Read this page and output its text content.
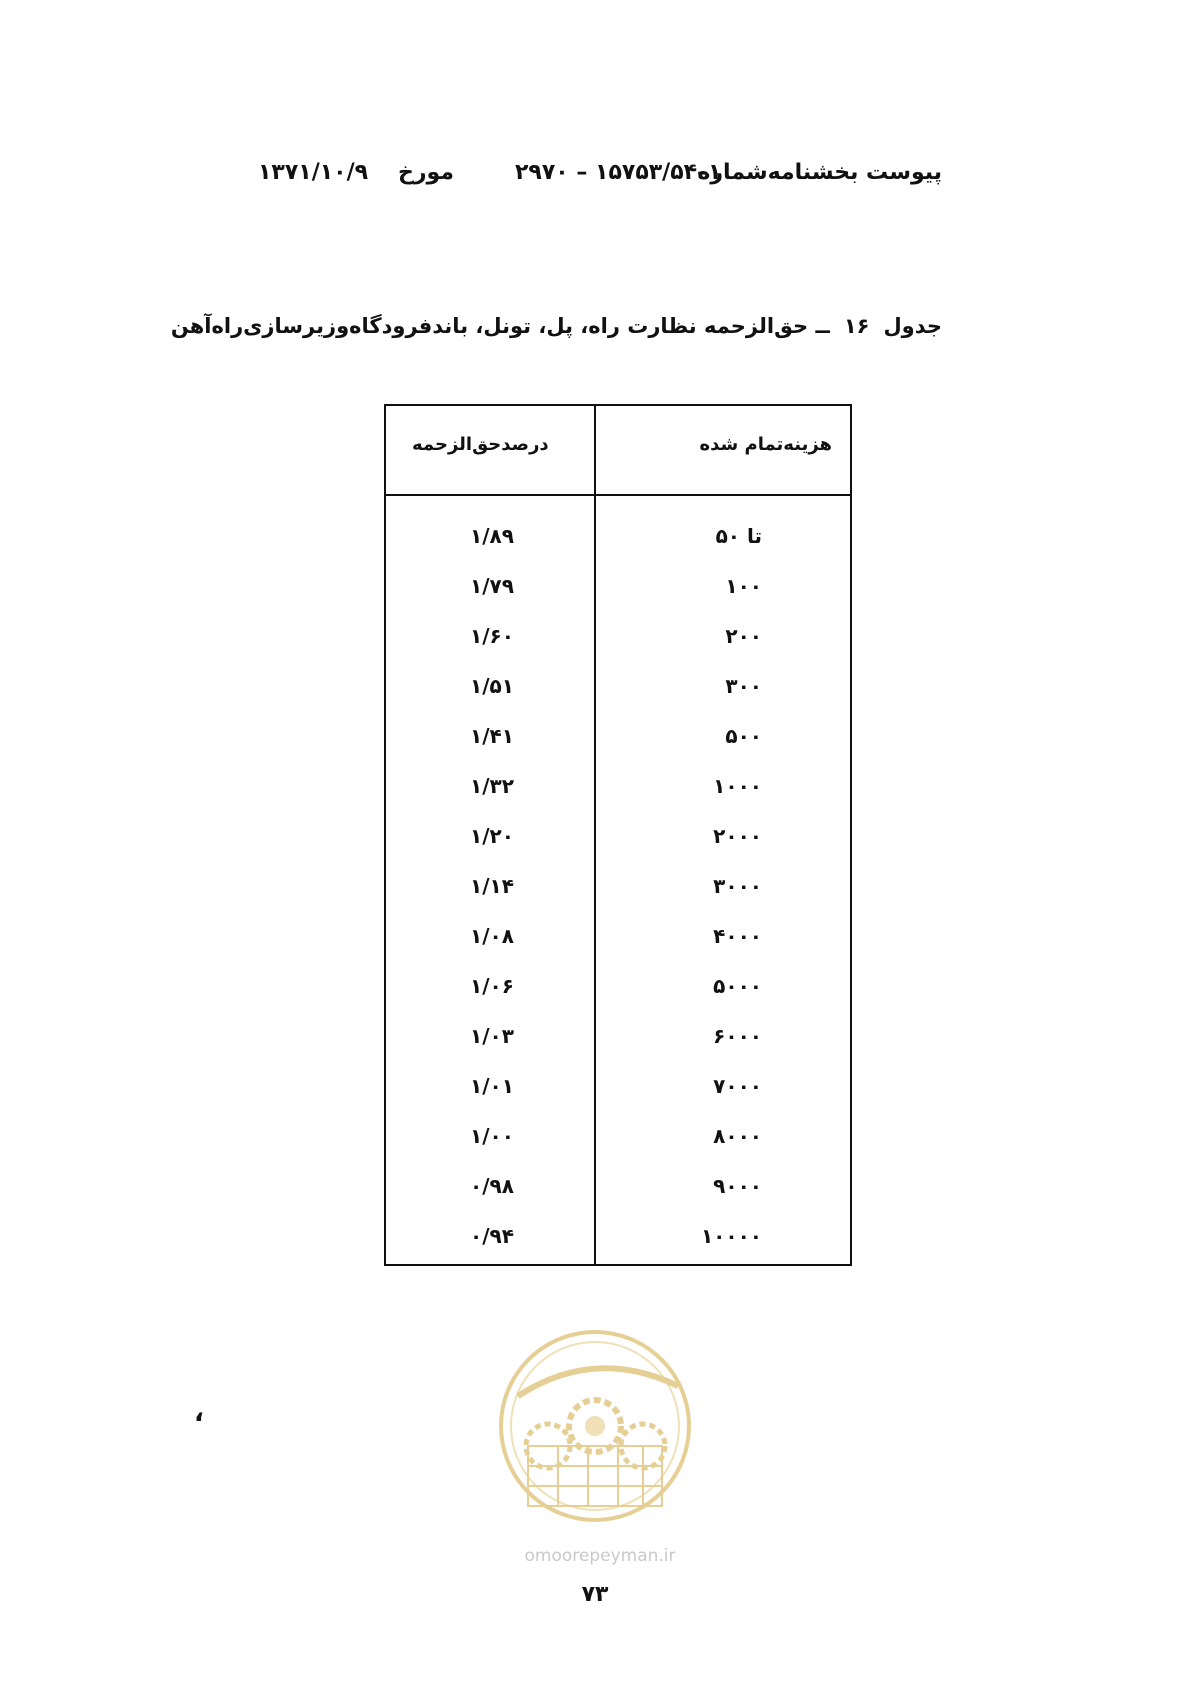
پیوست بخشنامه‌شماره
۲۹۷۰ – ۱۵۷۵۳/۵۴–۱
مورخ
۱۳۷۱/۱۰/۹
جدول۱۶ــ حق‌الزحمه نظارت راه، پل، تونل، باندفرودگاه‌وزیرسازی‌راه‌آهن
هزینه‌تمام شده
درصدحق‌الزحمه
تا ۵۰
۱/۸۹
۱۰۰
۱/۷۹
۲۰۰
۱/۶۰
۳۰۰
۱/۵۱
۵۰۰
۱/۴۱
۱۰۰۰
۱/۳۲
۲۰۰۰
۱/۲۰
۳۰۰۰
۱/۱۴
۴۰۰۰
۱/۰۸
۵۰۰۰
۱/۰۶
۶۰۰۰
۱/۰۳
۷۰۰۰
۱/۰۱
۸۰۰۰
۱/۰۰
۹۰۰۰
۰/۹۸
۱۰۰۰۰
۰/۹۴
omoorepeyman.ir
۷۳
،
